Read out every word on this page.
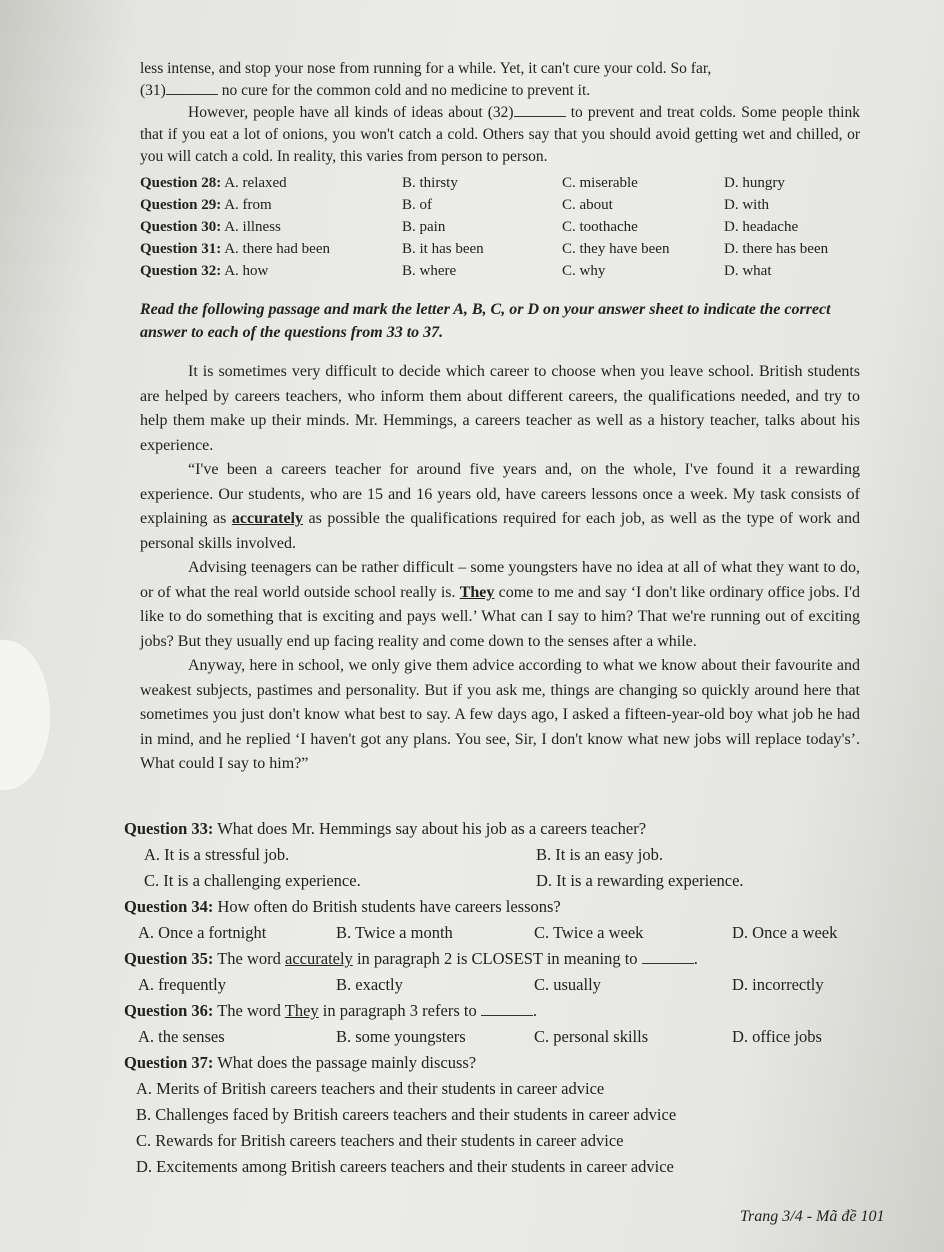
less intense, and stop your nose from running for a while. Yet, it can't cure your cold. So far,

(31)	no cure for the common cold and no medicine to prevent it.

However, people have all kinds of ideas about (32)	to prevent and treat colds. Some people think that if you eat a lot of onions, you won't catch a cold. Others say that you should avoid getting wet and chilled, or you will catch a cold. In reality, this varies from person to person.

Question 28: A. relaxed	B. thirsty	C. miserable	D. hungry
Question 29: A. from	B. of	C. about	D. with
Question 30: A. illness	B. pain	C. toothache	D. headache
Question 31: A. there had been	B. it has been	C. they have been	D. there has been
Question 32: A. how	B. where	C. why	D. what

Read the following passage and mark the letter A, B, C, or D on your answer sheet to indicate the correct answer to each of the questions from 33 to 37.

It is sometimes very difficult to decide which career to choose when you leave school. British students are helped by careers teachers, who inform them about different careers, the qualifications needed, and try to help them make up their minds. Mr. Hemmings, a careers teacher as well as a history teacher, talks about his experience.

“I've been a careers teacher for around five years and, on the whole, I've found it a rewarding experience. Our students, who are 15 and 16 years old, have careers lessons once a week. My task consists of explaining as accurately as possible the qualifications required for each job, as well as the type of work and personal skills involved.

Advising teenagers can be rather difficult – some youngsters have no idea at all of what they want to do, or of what the real world outside school really is. They come to me and say ‘I don't like ordinary office jobs. I'd like to do something that is exciting and pays well.’ What can I say to him? That we're running out of exciting jobs? But they usually end up facing reality and come down to the senses after a while.

Anyway, here in school, we only give them advice according to what we know about their favourite and weakest subjects, pastimes and personality. But if you ask me, things are changing so quickly around here that sometimes you just don't know what best to say. A few days ago, I asked a fifteen-year-old boy what job he had in mind, and he replied ‘I haven't got any plans. You see, Sir, I don't know what new jobs will replace today's’. What could I say to him?”

Question 33: What does Mr. Hemmings say about his job as a careers teacher?
A. It is a stressful job.	B. It is an easy job.
C. It is a challenging experience.	D. It is a rewarding experience.
Question 34: How often do British students have careers lessons?
A. Once a fortnight	B. Twice a month	C. Twice a week	D. Once a week
Question 35: The word accurately in paragraph 2 is CLOSEST in meaning to	.
A. frequently	B. exactly	C. usually	D. incorrectly
Question 36: The word They in paragraph 3 refers to	.
A. the senses	B. some youngsters	C. personal skills	D. office jobs
Question 37: What does the passage mainly discuss?
A. Merits of British careers teachers and their students in career advice
B. Challenges faced by British careers teachers and their students in career advice
C. Rewards for British careers teachers and their students in career advice
D. Excitements among British careers teachers and their students in career advice
Trang 3/4 - Mã đề 101
